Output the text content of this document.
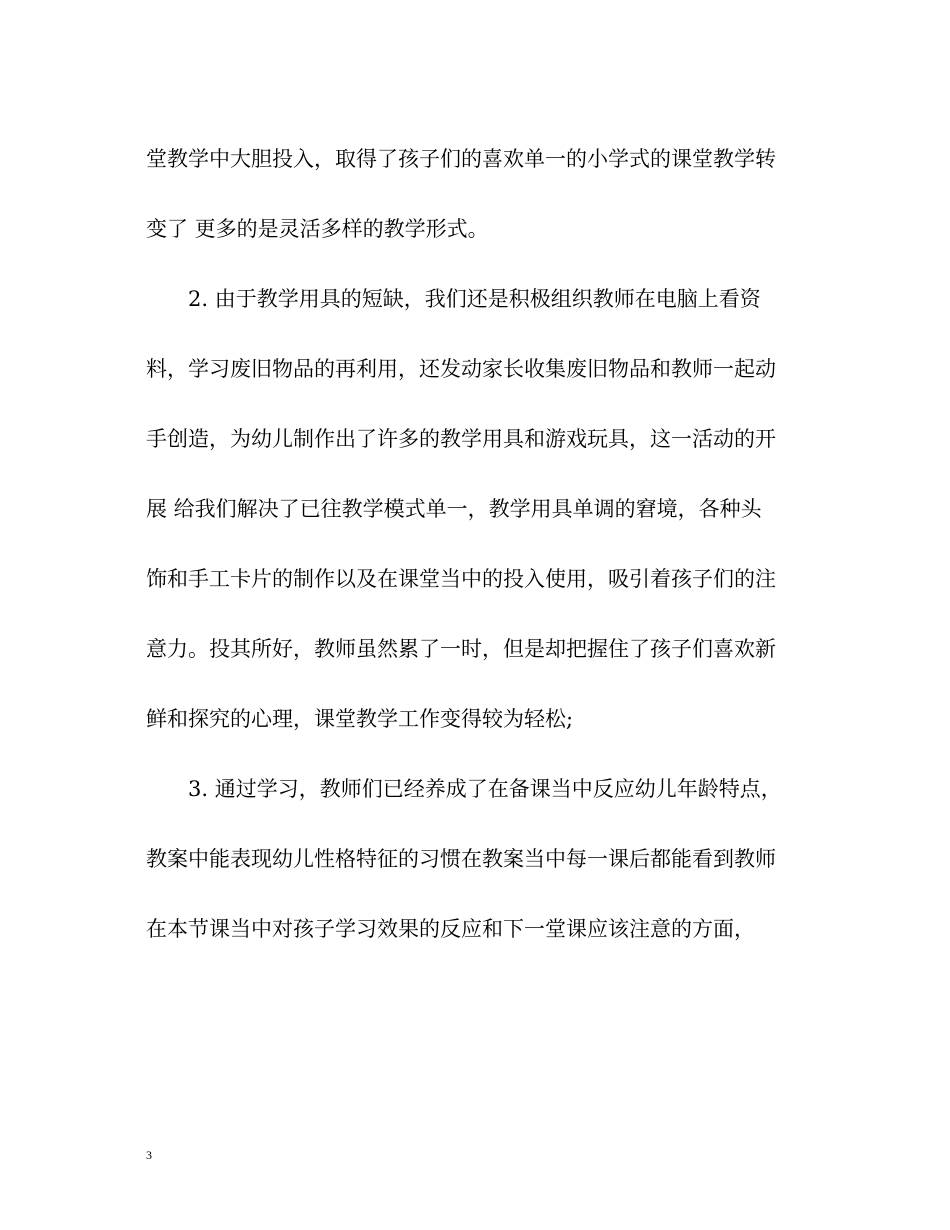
堂教学中大胆投入，取得了孩子们的喜欢单一的小学式的课堂教学转
变了 更多的是灵活多样的教学形式。
2. 由于教学用具的短缺，我们还是积极组织教师在电脑上看资
料，学习废旧物品的再利用，还发动家长收集废旧物品和教师一起动
手创造，为幼儿制作出了许多的教学用具和游戏玩具，这一活动的开
展 给我们解决了已往教学模式单一，教学用具单调的窘境，各种头
饰和手工卡片的制作以及在课堂当中的投入使用，吸引着孩子们的注
意力。投其所好，教师虽然累了一时，但是却把握住了孩子们喜欢新
鲜和探究的心理，课堂教学工作变得较为轻松;
3. 通过学习，教师们已经养成了在备课当中反应幼儿年龄特点，
教案中能表现幼儿性格特征的习惯在教案当中每一课后都能看到教师
在本节课当中对孩子学习效果的反应和下一堂课应该注意的方面，
3
